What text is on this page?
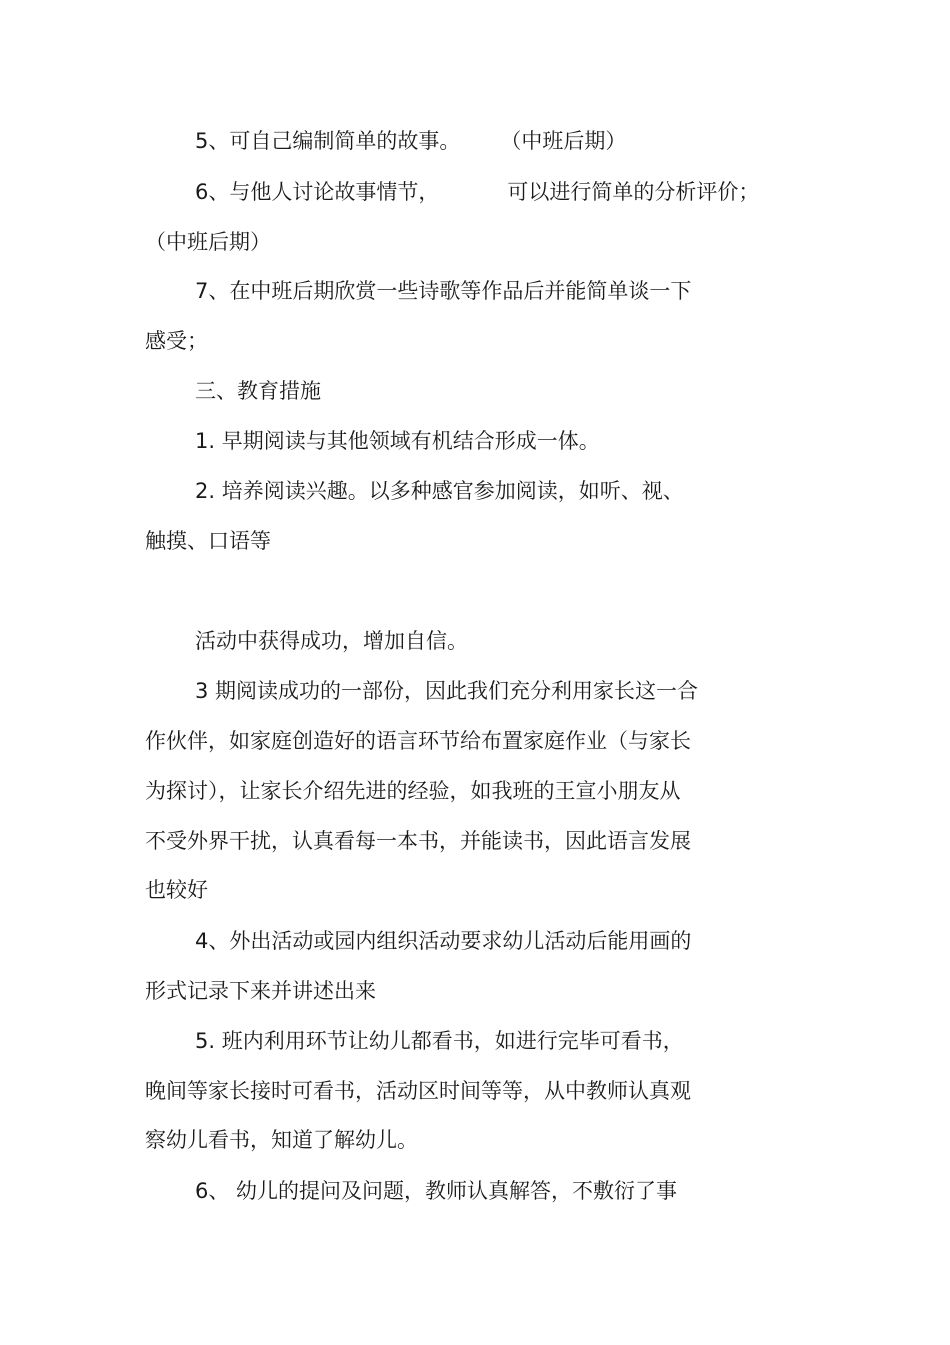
5、可自己编制简单的故事。 （中班后期）

6、与他人讨论故事情节，	可以进行简单的分析评价；

（中班后期）

7、在中班后期欣赏一些诗歌等作品后并能简单谈一下

感受；

三、教育措施

1. 早期阅读与其他领域有机结合形成一体。

2. 培养阅读兴趣。以多种感官参加阅读，如听、视、

触摸、口语等

活动中获得成功，增加自信。

3 期阅读成功的一部份，因此我们充分利用家长这一合

作伙伴，如家庭创造好的语言环节给布置家庭作业（与家长

为探讨），让家长介绍先进的经验，如我班的王宣小朋友从

不受外界干扰，认真看每一本书，并能读书，因此语言发展

也较好

4、外出活动或园内组织活动要求幼儿活动后能用画的

形式记录下来并讲述出来

5. 班内利用环节让幼儿都看书，如进行完毕可看书，

晚间等家长接时可看书，活动区时间等等，从中教师认真观

察幼儿看书，知道了解幼儿。

6、 幼儿的提问及问题，教师认真解答，不敷衍了事
